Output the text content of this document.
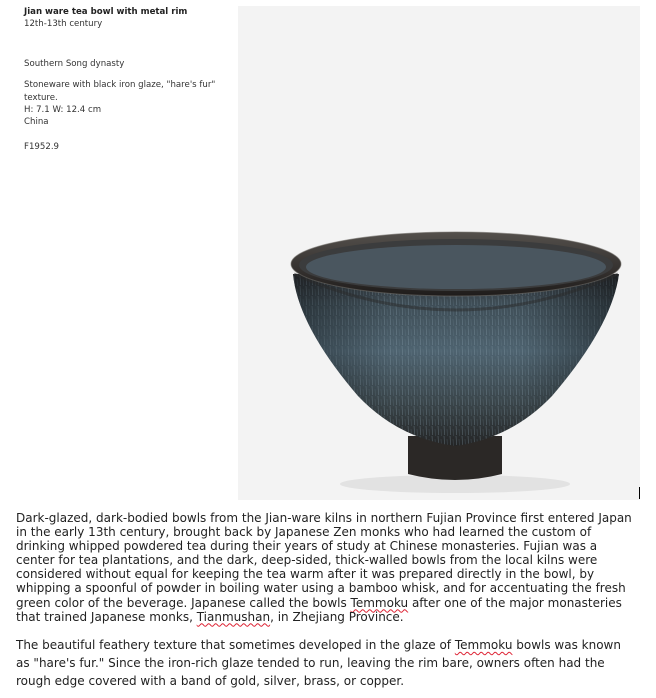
Jian ware tea bowl with metal rim
12th-13th century
Southern Song dynasty
Stoneware with black iron glaze, "hare's fur" texture.
H: 7.1 W: 12.4 cm
China
F1952.9

Dark-glazed, dark-bodied bowls from the Jian-ware kilns in northern Fujian Province first entered Japan in the early 13th century, brought back by Japanese Zen monks who had learned the custom of drinking whipped powdered tea during their years of study at Chinese monasteries. Fujian was a center for tea plantations, and the dark, deep-sided, thick-walled bowls from the local kilns were considered without equal for keeping the tea warm after it was prepared directly in the bowl, by whipping a spoonful of powder in boiling water using a bamboo whisk, and for accentuating the fresh green color of the beverage. Japanese called the bowls Temmoku after one of the major monasteries that trained Japanese monks, Tianmushan, in Zhejiang Province.

The beautiful feathery texture that sometimes developed in the glaze of Temmoku bowls was known as "hare's fur." Since the iron-rich glaze tended to run, leaving the rim bare, owners often had the rough edge covered with a band of gold, silver, brass, or copper.
